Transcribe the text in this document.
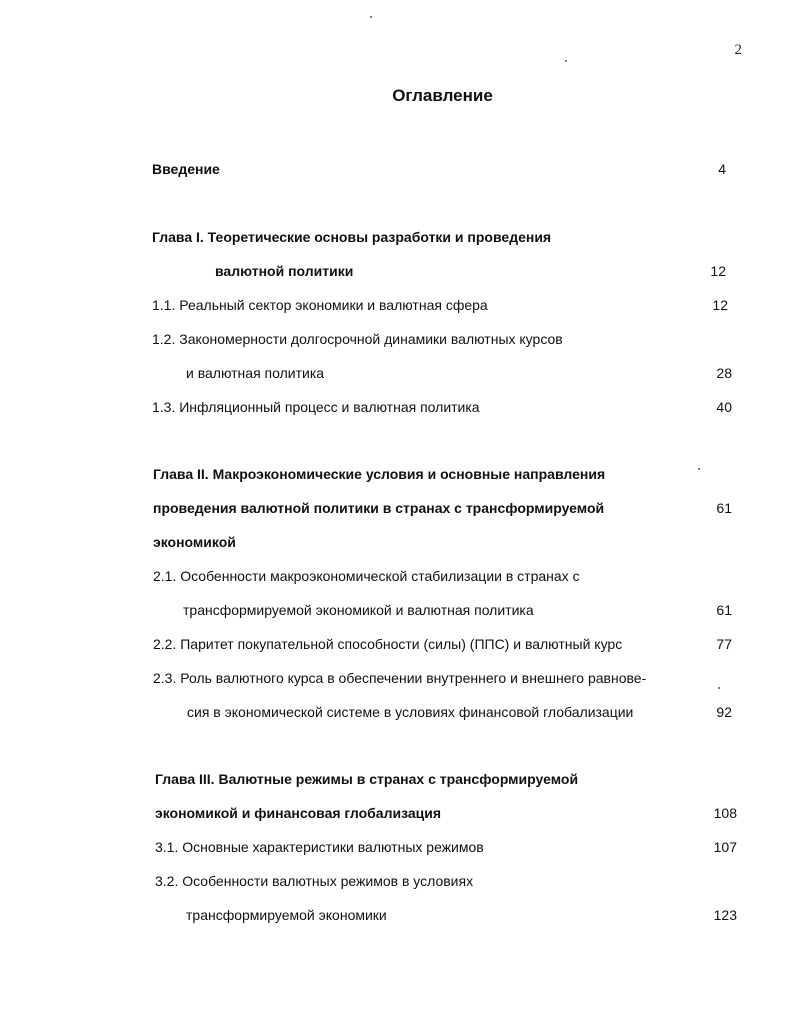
2
Оглавление
Введение	4
Глава I. Теоретические основы разработки и проведения
валютной политики	12
1.1. Реальный сектор экономики и валютная сфера	12
1.2. Закономерности долгосрочной динамики валютных курсов
и валютная политика	28
1.3. Инфляционный процесс и валютная политика	40
Глава II. Макроэкономические условия и основные направления
проведения валютной политики в странах с трансформируемой	61
экономикой
2.1. Особенности макроэкономической стабилизации в странах с
трансформируемой экономикой и валютная политика	61
2.2. Паритет покупательной способности (силы) (ППС) и валютный курс	77
2.3. Роль валютного курса в обеспечении внутреннего и внешнего равнове-
сия в экономической системе в условиях финансовой глобализации	92
Глава III. Валютные режимы в странах с трансформируемой
экономикой и финансовая глобализация	108
3.1. Основные характеристики валютных режимов	107
3.2. Особенности валютных режимов в условиях
трансформируемой экономики	123
